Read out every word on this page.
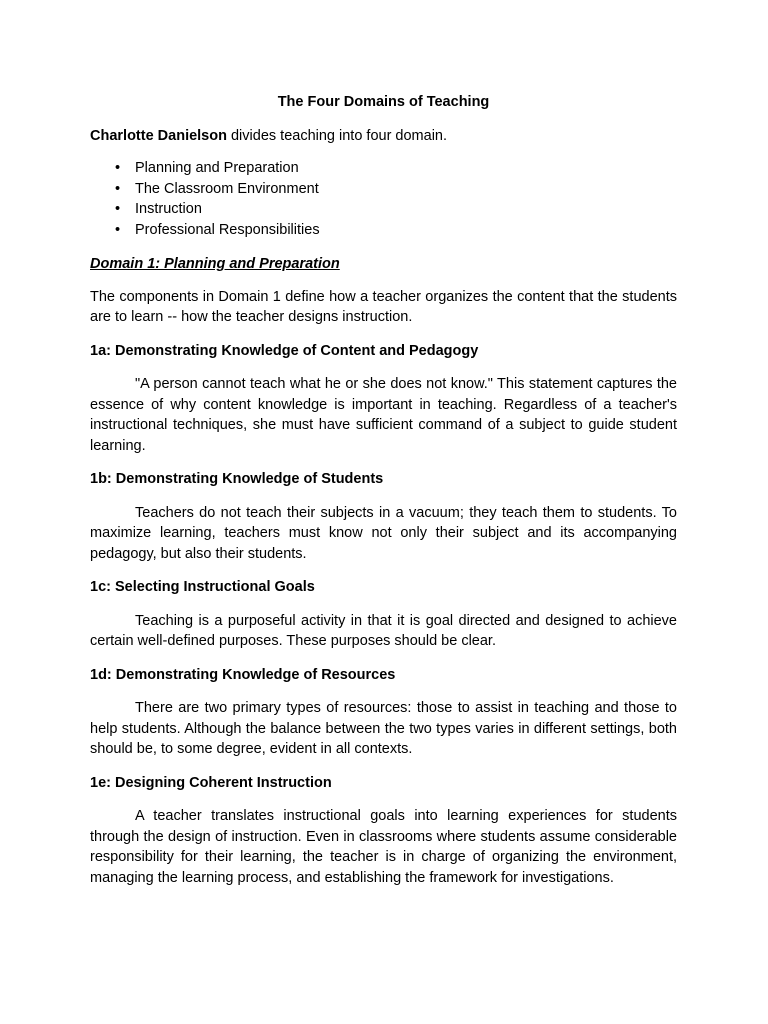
The Four Domains of Teaching
Charlotte Danielson divides teaching into four domain.
• Planning and Preparation
• The Classroom Environment
• Instruction
• Professional Responsibilities
Domain 1: Planning and Preparation
The components in Domain 1 define how a teacher organizes the content that the students are to learn -- how the teacher designs instruction.
1a: Demonstrating Knowledge of Content and Pedagogy
"A person cannot teach what he or she does not know." This statement captures the essence of why content knowledge is important in teaching. Regardless of a teacher's instructional techniques, she must have sufficient command of a subject to guide student learning.
1b: Demonstrating Knowledge of Students
Teachers do not teach their subjects in a vacuum; they teach them to students. To maximize learning, teachers must know not only their subject and its accompanying pedagogy, but also their students.
1c: Selecting Instructional Goals
Teaching is a purposeful activity in that it is goal directed and designed to achieve certain well-defined purposes. These purposes should be clear.
1d: Demonstrating Knowledge of Resources
There are two primary types of resources: those to assist in teaching and those to help students. Although the balance between the two types varies in different settings, both should be, to some degree, evident in all contexts.
1e: Designing Coherent Instruction
A teacher translates instructional goals into learning experiences for students through the design of instruction. Even in classrooms where students assume considerable responsibility for their learning, the teacher is in charge of organizing the environment, managing the learning process, and establishing the framework for investigations.
